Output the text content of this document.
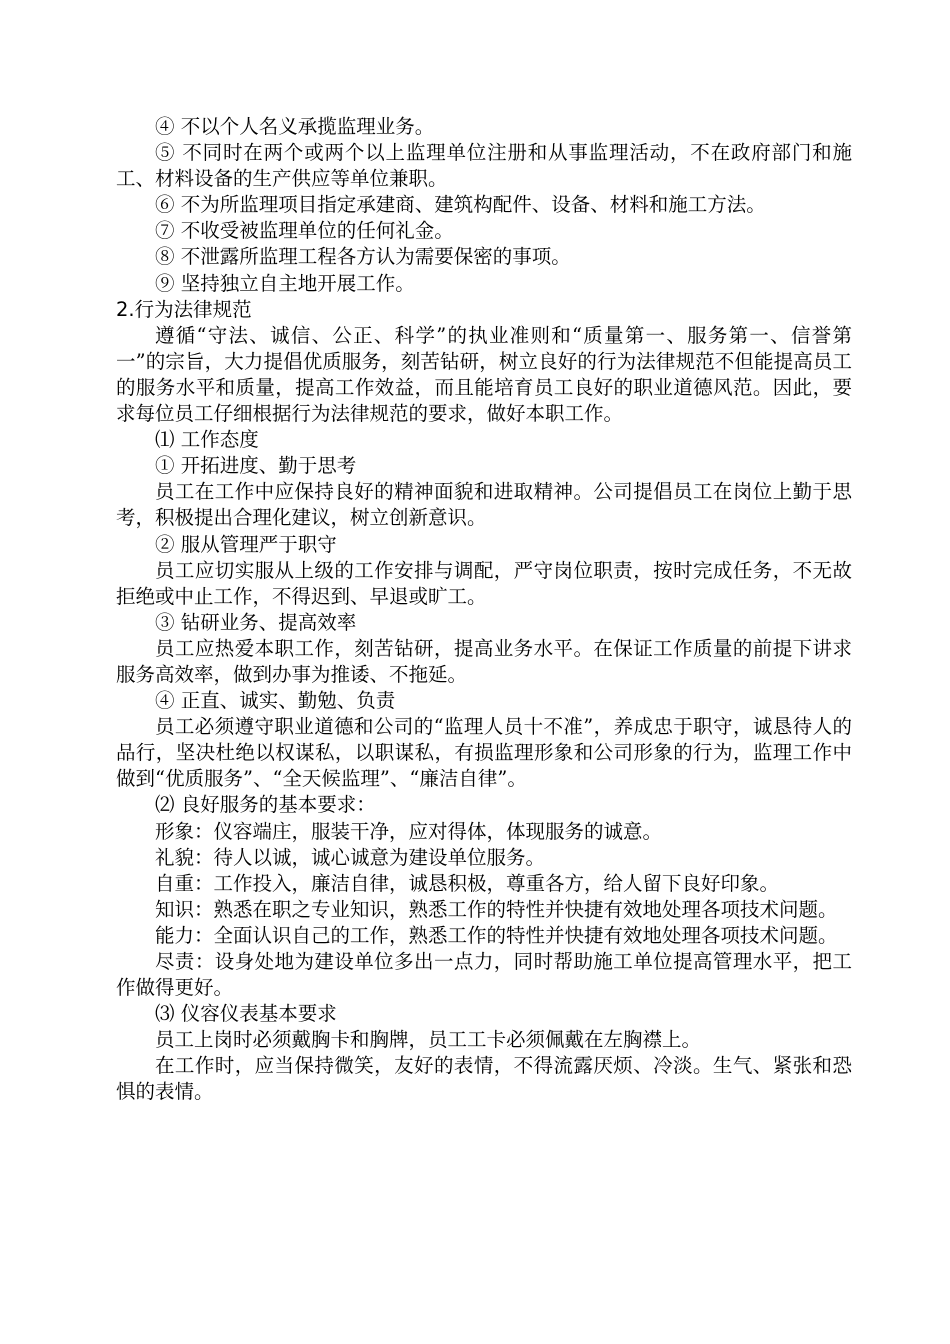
④ 不以个人名义承揽监理业务。

⑤ 不同时在两个或两个以上监理单位注册和从事监理活动，不在政府部门和施工、材料设备的生产供应等单位兼职。

⑥ 不为所监理项目指定承建商、建筑构配件、设备、材料和施工方法。

⑦ 不收受被监理单位的任何礼金。

⑧ 不泄露所监理工程各方认为需要保密的事项。

⑨ 坚持独立自主地开展工作。

2.行为法律规范

遵循“守法、诚信、公正、科学”的执业准则和“质量第一、服务第一、信誉第一”的宗旨，大力提倡优质服务，刻苦钻研，树立良好的行为法律规范不但能提高员工的服务水平和质量，提高工作效益，而且能培育员工良好的职业道德风范。因此，要求每位员工仔细根据行为法律规范的要求，做好本职工作。

⑴ 工作态度

① 开拓进度、勤于思考

员工在工作中应保持良好的精神面貌和进取精神。公司提倡员工在岗位上勤于思考，积极提出合理化建议，树立创新意识。

② 服从管理严于职守

员工应切实服从上级的工作安排与调配，严守岗位职责，按时完成任务，不无故拒绝或中止工作，不得迟到、早退或旷工。

③ 钻研业务、提高效率

员工应热爱本职工作，刻苦钻研，提高业务水平。在保证工作质量的前提下讲求服务高效率，做到办事为推诿、不拖延。

④ 正直、诚实、勤勉、负责

员工必须遵守职业道德和公司的“监理人员十不准”，养成忠于职守，诚恳待人的品行，坚决杜绝以权谋私，以职谋私，有损监理形象和公司形象的行为，监理工作中做到“优质服务”、“全天候监理”、“廉洁自律”。

⑵ 良好服务的基本要求：

形象：仪容端庄，服装干净，应对得体，体现服务的诚意。

礼貌：待人以诚，诚心诚意为建设单位服务。

自重：工作投入，廉洁自律，诚恳积极，尊重各方，给人留下良好印象。

知识：熟悉在职之专业知识，熟悉工作的特性并快捷有效地处理各项技术问题。

能力：全面认识自己的工作，熟悉工作的特性并快捷有效地处理各项技术问题。

尽责：设身处地为建设单位多出一点力，同时帮助施工单位提高管理水平，把工作做得更好。

⑶ 仪容仪表基本要求

员工上岗时必须戴胸卡和胸牌，员工工卡必须佩戴在左胸襟上。

在工作时，应当保持微笑，友好的表情，不得流露厌烦、冷淡。生气、紧张和恐惧的表情。
